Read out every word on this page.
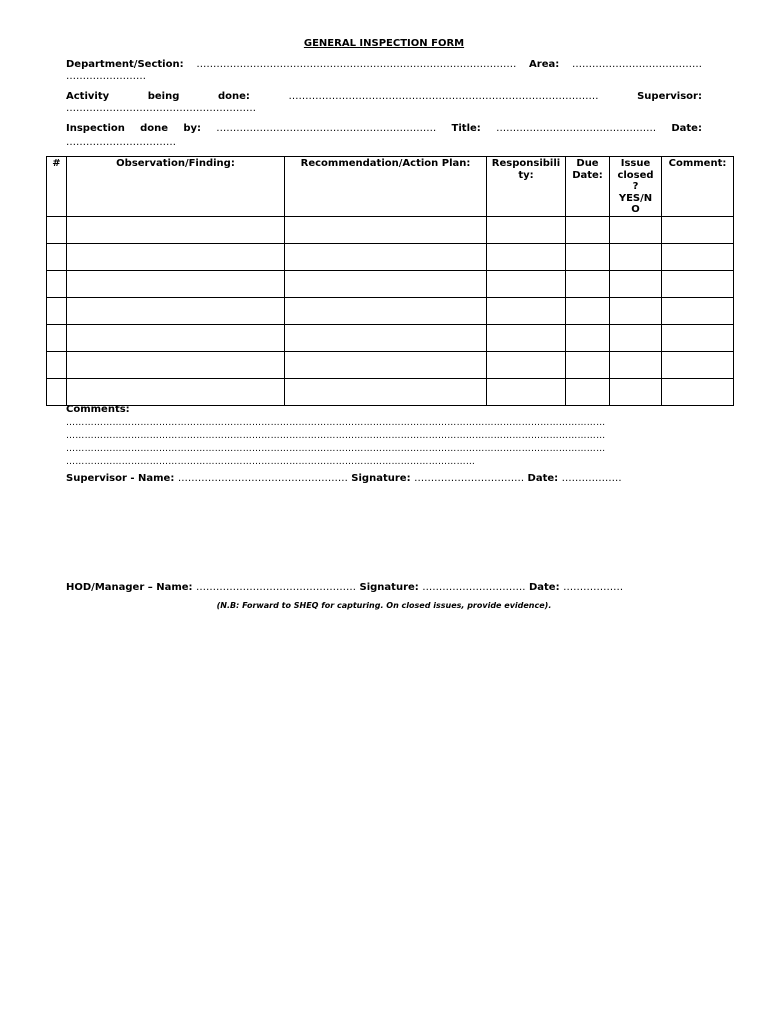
GENERAL INSPECTION FORM
Department/Section: …………………………………………………………………………………… Area: …………………………………
……………………
Activity	being	done:	…………………………………………………………………………………	Supervisor:
…………………………………………………
Inspection done by: ………………………………………………………… Title: ………………………………………… Date:
……………………………
#	Observation/Finding:	Recommendation/Action Plan:	Responsibility:	Due Date:	Issue closed? YES/NO	Comment:

Comments:
…………………………………………………………………………………………………………………………………………………………
…………………………………………………………………………………………………………………………………………………………
…………………………………………………………………………………………………………………………………………………………
……………………………………………………………………………………………………………………
Supervisor - Name: …………………………………………… Signature: …………………………… Date: ………………
HOD/Manager – Name: ………………………………………… Signature: …………………………. Date: ………………
(N.B: Forward to SHEQ for capturing. On closed issues, provide evidence).
